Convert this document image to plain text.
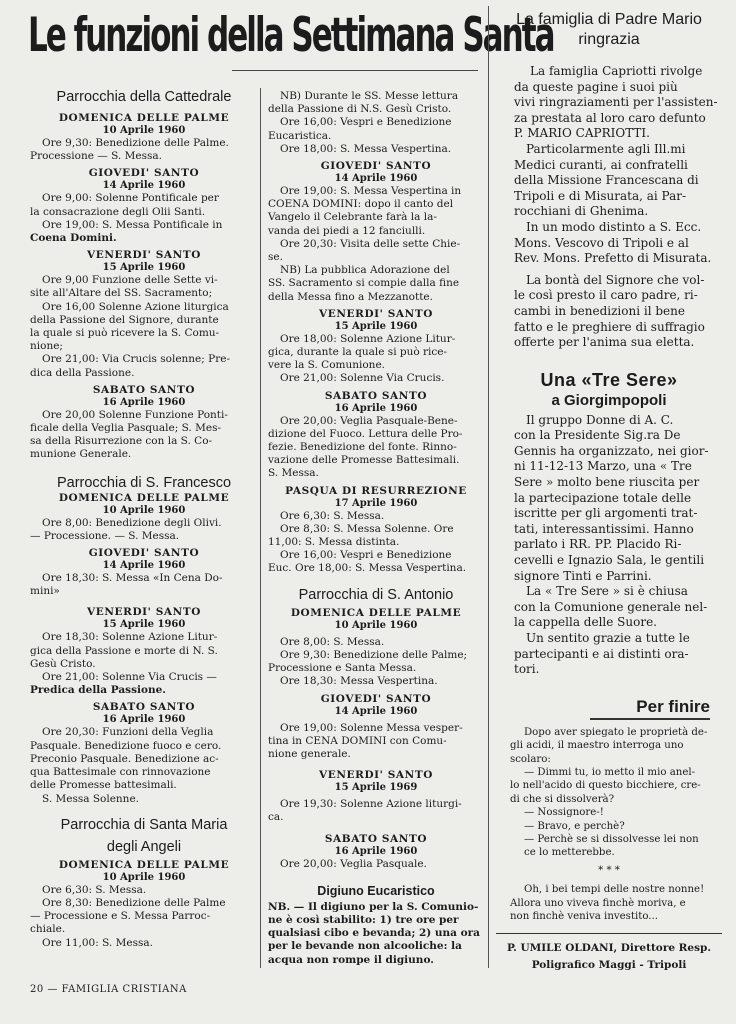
Le funzioni della Settimana Santa
Parrocchia della Cattedrale
DOMENICA DELLE PALME
10 Aprile 1960
Ore 9,30: Benedizione delle Palme.
Processione — S. Messa.
GIOVEDI' SANTO
14 Aprile 1960
Ore 9,00: Solenne Pontificale per
la consacrazione degli Olii Santi.
Ore 19,00: S. Messa Pontificale in
Coena Domini.
VENERDI' SANTO
15 Aprile 1960
Ore 9,00 Funzione delle Sette vi-
site all'Altare del SS. Sacramento;
Ore 16,00 Solenne Azione liturgica
della Passione del Signore, durante
la quale si può ricevere la S. Comu-
nione;
Ore 21,00: Via Crucis solenne; Pre-
dica della Passione.
SABATO SANTO
16 Aprile 1960
Ore 20,00 Solenne Funzione Ponti-
ficale della Veglia Pasquale; S. Mes-
sa della Risurrezione con la S. Co-
munione Generale.
Parrocchia di S. Francesco
DOMENICA DELLE PALME
10 Aprile 1960
Ore 8,00: Benedizione degli Olivi.
— Processione. — S. Messa.
GIOVEDI' SANTO
14 Aprile 1960
Ore 18,30: S. Messa «In Cena Do-
mini»
VENERDI' SANTO
15 Aprile 1960
Ore 18,30: Solenne Azione Litur-
gica della Passione e morte di N. S.
Gesù Cristo.
Ore 21,00: Solenne Via Crucis —
Predica della Passione.
SABATO SANTO
16 Aprile 1960
Ore 20,30: Funzioni della Veglia
Pasquale. Benedizione fuoco e cero.
Preconio Pasquale. Benedizione ac-
qua Battesimale con rinnovazione
delle Promesse battesimali.
S. Messa Solenne.
Parrocchia di Santa Maria
degli Angeli
DOMENICA DELLE PALME
10 Aprile 1960
Ore 6,30: S. Messa.
Ore 8,30: Benedizione delle Palme
— Processione e S. Messa Parroc-
chiale.
Ore 11,00: S. Messa.
NB) Durante le SS. Messe lettura
della Passione di N.S. Gesù Cristo.
Ore 16,00: Vespri e Benedizione
Eucaristica.
Ore 18,00: S. Messa Vespertina.
GIOVEDI' SANTO
14 Aprile 1960
Ore 19,00: S. Messa Vespertina in
COENA DOMINI: dopo il canto del
Vangelo il Celebrante farà la la-
vanda dei piedi a 12 fanciulli.
Ore 20,30: Visita delle sette Chie-
se.
NB) La pubblica Adorazione del
SS. Sacramento si compie dalla fine
della Messa fino a Mezzanotte.
VENERDI' SANTO
15 Aprile 1960
Ore 18,00: Solenne Azione Litur-
gica, durante la quale si può rice-
vere la S. Comunione.
Ore 21,00: Solenne Via Crucis.
SABATO SANTO
16 Aprile 1960
Ore 20,00: Veglia Pasquale-Bene-
dizione del Fuoco. Lettura delle Pro-
fezie. Benedizione del fonte. Rinno-
vazione delle Promesse Battesimali.
S. Messa.
PASQUA DI RESURREZIONE
17 Aprile 1960
Ore 6,30: S. Messa.
Ore 8,30: S. Messa Solenne. Ore
11,00: S. Messa distinta.
Ore 16,00: Vespri e Benedizione
Euc. Ore 18,00: S. Messa Vespertina.
Parrocchia di S. Antonio
DOMENICA DELLE PALME
10 Aprile 1960
Ore 8,00: S. Messa.
Ore 9,30: Benedizione delle Palme;
Processione e Santa Messa.
Ore 18,30: Messa Vespertina.
GIOVEDI' SANTO
14 Aprile 1960
Ore 19,00: Solenne Messa vesper-
tina in CENA DOMINI con Comu-
nione generale.
VENERDI' SANTO
15 Aprile 1969
Ore 19,30: Solenne Azione liturgi-
ca.
SABATO SANTO
16 Aprile 1960
Ore 20,00: Veglia Pasquale.
Digiuno Eucaristico
NB. — Il digiuno per la S. Comunio-
ne è così stabilito: 1) tre ore per
qualsiasi cibo e bevanda; 2) una ora
per le bevande non alcooliche: la
acqua non rompe il digiuno.
La famiglia di Padre Mario
ringrazia
La famiglia Capriotti rivolge
da queste pagine i suoi più
vivi ringraziamenti per l'assisten-
za prestata al loro caro defunto
P. MARIO CAPRIOTTI.
Particolarmente agli Ill.mi
Medici curanti, ai confratelli
della Missione Francescana di
Tripoli e di Misurata, ai Par-
rocchiani di Ghenima.
In un modo distinto a S. Ecc.
Mons. Vescovo di Tripoli e al
Rev. Mons. Prefetto di Misurata.
La bontà del Signore che vol-
le così presto il caro padre, ri-
cambi in benedizioni il bene
fatto e le preghiere di suffragio
offerte per l'anima sua eletta.
Una «Tre Sere»
a Giorgimpopoli
Il gruppo Donne di A. C.
con la Presidente Sig.ra De
Gennis ha organizzato, nei gior-
ni 11-12-13 Marzo, una « Tre
Sere » molto bene riuscita per
la partecipazione totale delle
iscritte per gli argomenti trat-
tati, interessantissimi. Hanno
parlato i RR. PP. Placido Ri-
cevelli e Ignazio Sala, le gentili
signore Tinti e Parrini.
La « Tre Sere » si è chiusa
con la Comunione generale nel-
la cappella delle Suore.
Un sentito grazie a tutte le
partecipanti e ai distinti ora-
tori.
Per finire
Dopo aver spiegato le proprietà de-
gli acidi, il maestro interroga uno
scolaro:
— Dimmi tu, io metto il mio anel-
lo nell'acido di questo bicchiere, cre-
di che si dissolverà?
— Nossignore-!
— Bravo, e perchè?
— Perchè se si dissolvesse lei non
ce lo metterebbe.
* * *
Oh, i bei tempi delle nostre nonne!
Allora uno viveva finchè moriva, e
non finchè veniva investito...
P. UMILE OLDANI, Direttore Resp.
Poligrafico Maggi - Tripoli
20 — FAMIGLIA CRISTIANA
